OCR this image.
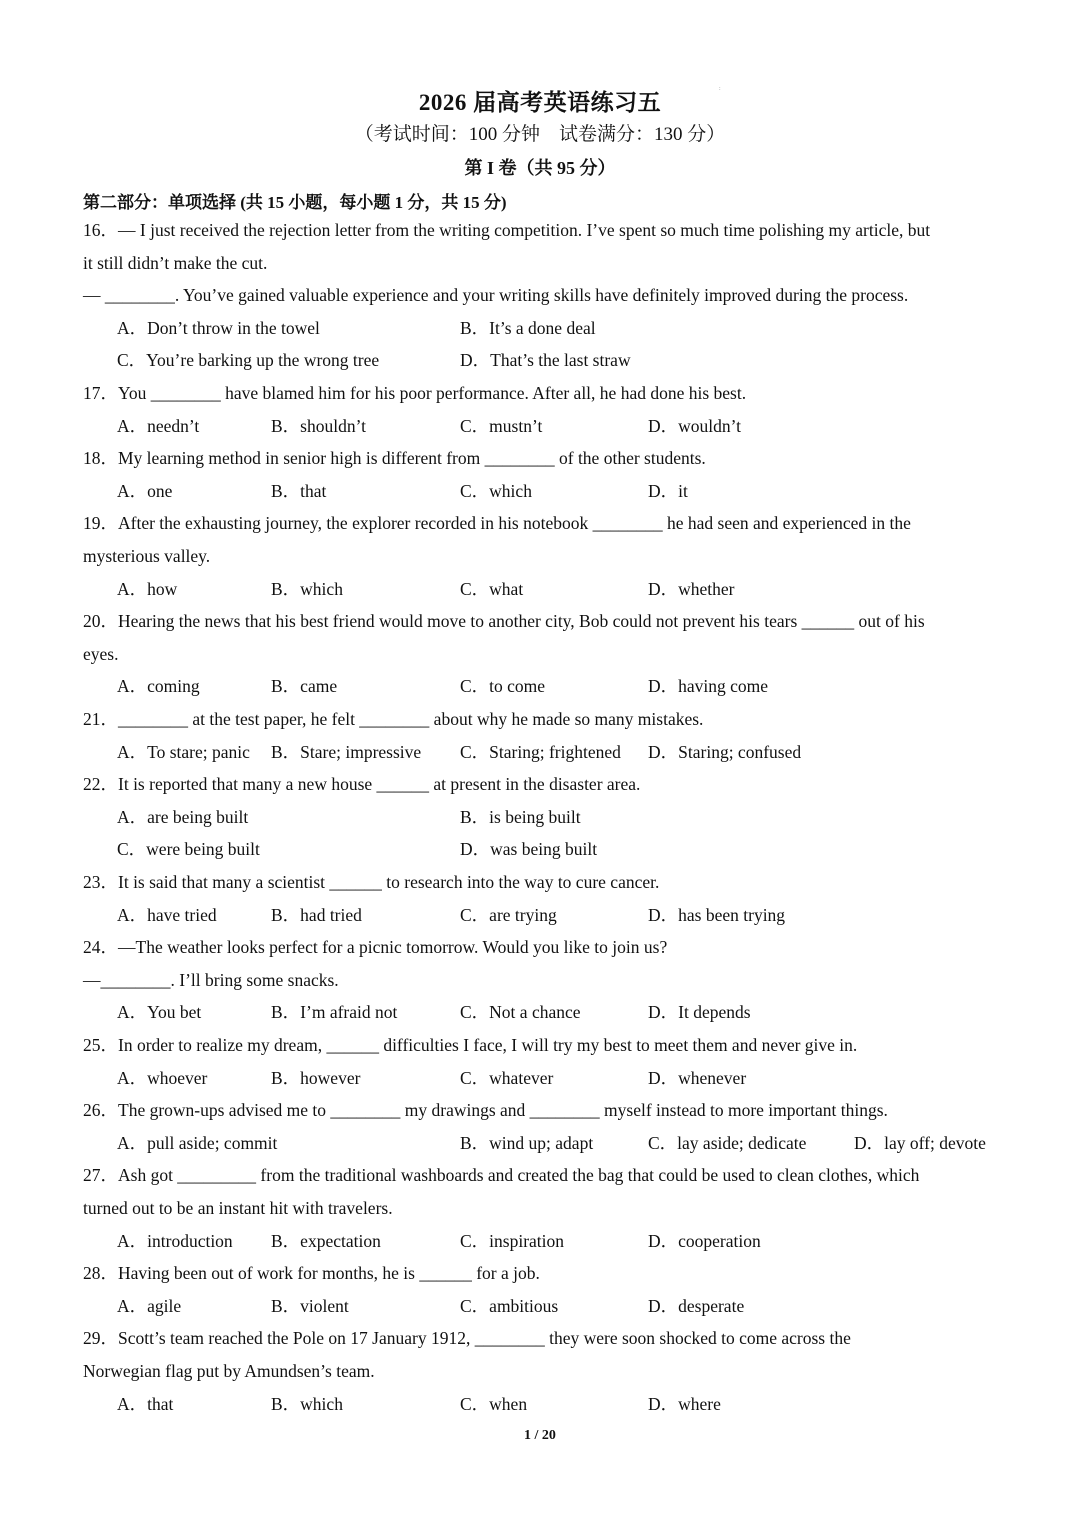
:
2026 届高考英语练习五
（考试时间：100 分钟　试卷满分：130 分）
第 I 卷（共 95 分）
第二部分：单项选择 (共 15 小题，每小题 1 分，共 15 分)
16．— I just received the rejection letter from the writing competition. I’ve spent so much time polishing my article, but
it still didn’t make the cut.
— ________. You’ve gained valuable experience and your writing skills have definitely improved during the process.
A．Don’t throw in the towel	B．It’s a done deal
C．You’re barking up the wrong tree	D．That’s the last straw
17．You ________ have blamed him for his poor performance. After all, he had done his best.
A．needn’t	B．shouldn’t	C．mustn’t	D．wouldn’t
18．My learning method in senior high is different from ________ of the other students.
A．one	B．that	C．which	D．it
19．After the exhausting journey, the explorer recorded in his notebook ________ he had seen and experienced in the
mysterious valley.
A．how	B．which	C．what	D．whether
20．Hearing the news that his best friend would move to another city, Bob could not prevent his tears ______ out of his
eyes.
A．coming	B．came	C．to come	D．having come
21．________ at the test paper, he felt ________ about why he made so many mistakes.
A．To stare; panic B．Stare; impressive C．Staring; frightened D．Staring; confused
22．It is reported that many a new house ______ at present in the disaster area.
A．are being built	B．is being built
C．were being built	D．was being built
23．It is said that many a scientist ______ to research into the way to cure cancer.
A．have tried	B．had tried	C．are trying	D．has been trying
24．—The weather looks perfect for a picnic tomorrow. Would you like to join us?
—________. I’ll bring some snacks.
A．You bet	B．I’m afraid not	C．Not a chance	D．It depends
25．In order to realize my dream, ______ difficulties I face, I will try my best to meet them and never give in.
A．whoever	B．however	C．whatever	D．whenever
26．The grown-ups advised me to ________ my drawings and ________ myself instead to more important things.
A．pull aside; commit	B．wind up; adapt	C．lay aside; dedicate	D．lay off; devote
27．Ash got _________ from the traditional washboards and created the bag that could be used to clean clothes, which
turned out to be an instant hit with travelers.
A．introduction B．expectation	C．inspiration	D．cooperation
28．Having been out of work for months, he is ______ for a job.
A．agile	B．violent	C．ambitious	D．desperate
29．Scott’s team reached the Pole on 17 January 1912, ________ they were soon shocked to come across the
Norwegian flag put by Amundsen’s team.
A．that	B．which	C．when	D．where
1 / 20
